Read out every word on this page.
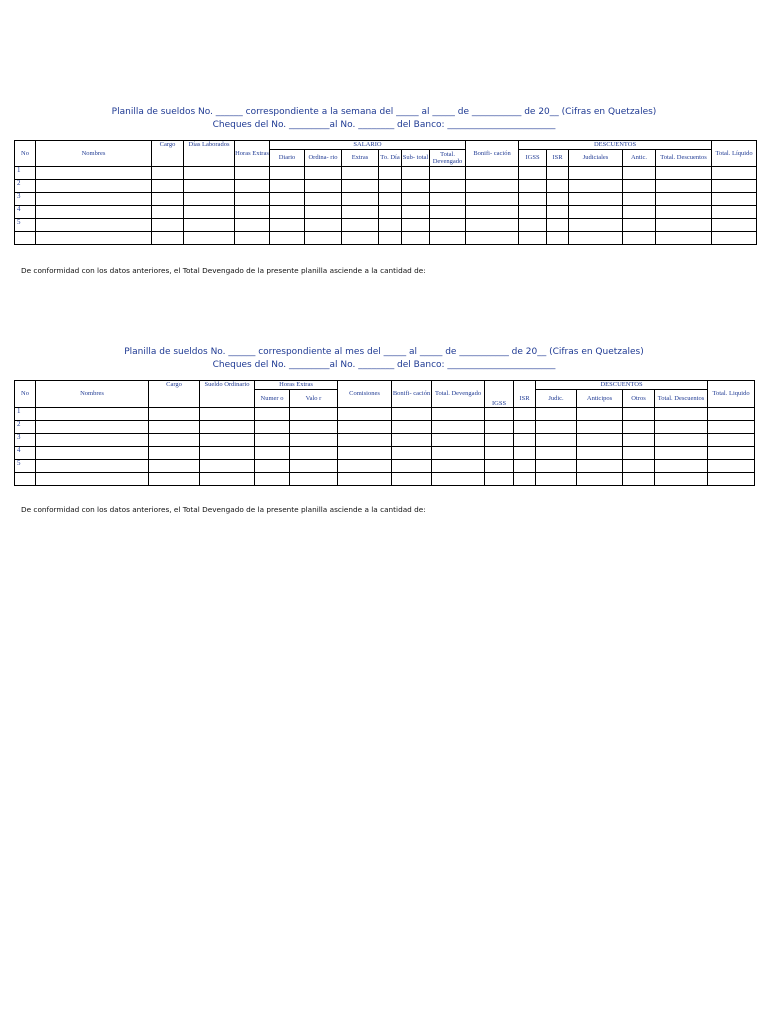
Planilla de sueldos No. ______ correspondiente a la semana del _____ al _____ de ___________ de 20__ (Cifras en Quetzales)
Cheques del No. _________al No. ________ del Banco: ________________________
No	Nombres	Cargo	Días Laborados	Horas Extras	SALARIO						Bonifi- cación	DESCUENTOS					Total. Líquido
					Diario	Ordina- rio	Extras	To. Día	Sub- total	Total. Devengado		IGSS	ISR	Judiciales	Antic.	Total. Descuentos	
1																	
2																	
3																	
4																	
5																	

De conformidad con los datos anteriores, el Total Devengado de la presente planilla asciende a la cantidad de:
Planilla de sueldos No. ______ correspondiente al mes del _____ al _____ de ___________ de 20__ (Cifras en Quetzales)
Cheques del No. _________al No. ________ del Banco: ________________________
No	Nombres	Cargo	Sueldo Ordinario	Horas Extras		Comisiones	Bonifi- cación	Total. Devengado	IGSS		DESCUENTOS				Total. Liquido
				Numer o	Valo r					ISR	Judic.	Anticipos	Otros	Total. Descuentos	
1															
2															
3															
4															
5															

De conformidad con los datos anteriores, el Total Devengado de la presente planilla asciende a la cantidad de:
